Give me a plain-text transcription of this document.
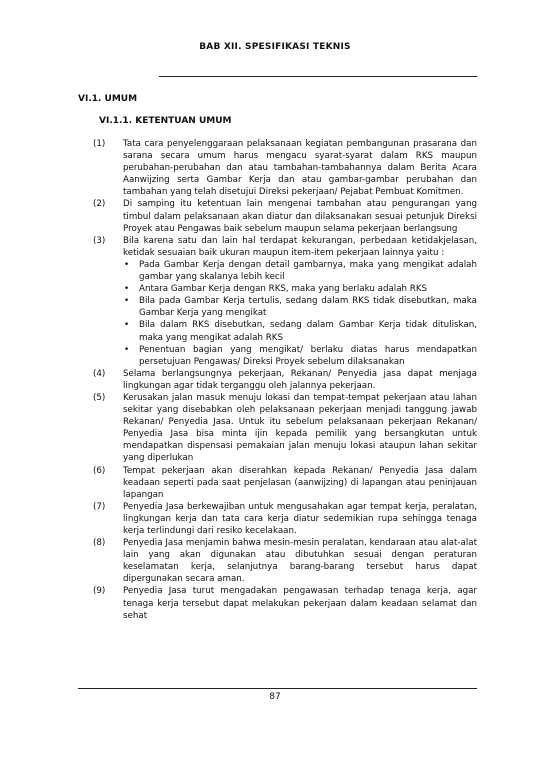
BAB XII. SPESIFIKASI TEKNIS
VI.1. UMUM
VI.1.1. KETENTUAN UMUM
(1)	Tata cara penyelenggaraan pelaksanaan kegiatan pembangunan prasarana dan sarana secara umum harus mengacu syarat-syarat dalam RKS maupun perubahan-perubahan dan atau tambahan-tambahannya dalam Berita Acara Aanwijzing serta Gambar Kerja dan atau gambar-gambar perubahan dan tambahan yang telah disetujui Direksi pekerjaan/ Pejabat Pembuat Komitmen.
(2)	Di samping itu ketentuan lain mengenai tambahan atau pengurangan yang timbul dalam pelaksanaan akan diatur dan dilaksanakan sesuai petunjuk Direksi Proyek atau Pengawas baik sebelum maupun selama pekerjaan berlangsung
(3)	Bila karena satu dan lain hal terdapat kekurangan, perbedaan ketidakjelasan, ketidak sesuaian baik ukuran maupun item-item pekerjaan lainnya yaitu :
•	Pada Gambar Kerja dengan detail gambarnya, maka yang mengikat adalah gambar yang skalanya lebih kecil
•	Antara Gambar Kerja dengan RKS, maka yang berlaku adalah RKS
•	Bila pada Gambar Kerja tertulis, sedang dalam RKS tidak disebutkan, maka Gambar Kerja yang mengikat
•	Bila dalam RKS disebutkan, sedang dalam Gambar Kerja tidak dituliskan, maka yang mengikat adalah RKS
•	Penentuan bagian yang mengikat/ berlaku diatas harus mendapatkan persetujuan Pengawas/ Direksi Proyek sebelum dilaksanakan
(4)	Selama berlangsungnya pekerjaan, Rekanan/ Penyedia jasa dapat menjaga lingkungan agar tidak terganggu oleh jalannya pekerjaan.
(5)	Kerusakan jalan masuk menuju lokasi dan tempat-tempat pekerjaan atau lahan sekitar yang disebabkan oleh pelaksanaan pekerjaan menjadi tanggung jawab Rekanan/ Penyedia Jasa. Untuk itu sebelum pelaksanaan pekerjaan Rekanan/ Penyedia Jasa bisa minta ijin kepada pemilik yang bersangkutan untuk mendapatkan dispensasi pemakaian jalan menuju lokasi ataupun lahan sekitar yang diperlukan
(6)	Tempat pekerjaan akan diserahkan kepada Rekanan/ Penyedia Jasa dalam keadaan seperti pada saat penjelasan (aanwijzing) di lapangan atau peninjauan lapangan
(7)	Penyedia Jasa berkewajiban untuk mengusahakan agar tempat kerja, peralatan, lingkungan kerja dan tata cara kerja diatur sedemikian rupa sehingga tenaga kerja terlindungi dari resiko kecelakaan.
(8)	Penyedia Jasa menjamin bahwa mesin-mesin peralatan, kendaraan atau alat-alat lain yang akan digunakan atau dibutuhkan sesuai dengan peraturan keselamatan kerja, selanjutnya barang-barang tersebut harus dapat dipergunakan secara aman.
(9)	Penyedia Jasa turut mengadakan pengawasan terhadap tenaga kerja, agar tenaga kerja tersebut dapat melakukan pekerjaan dalam keadaan selamat dan sehat
87
